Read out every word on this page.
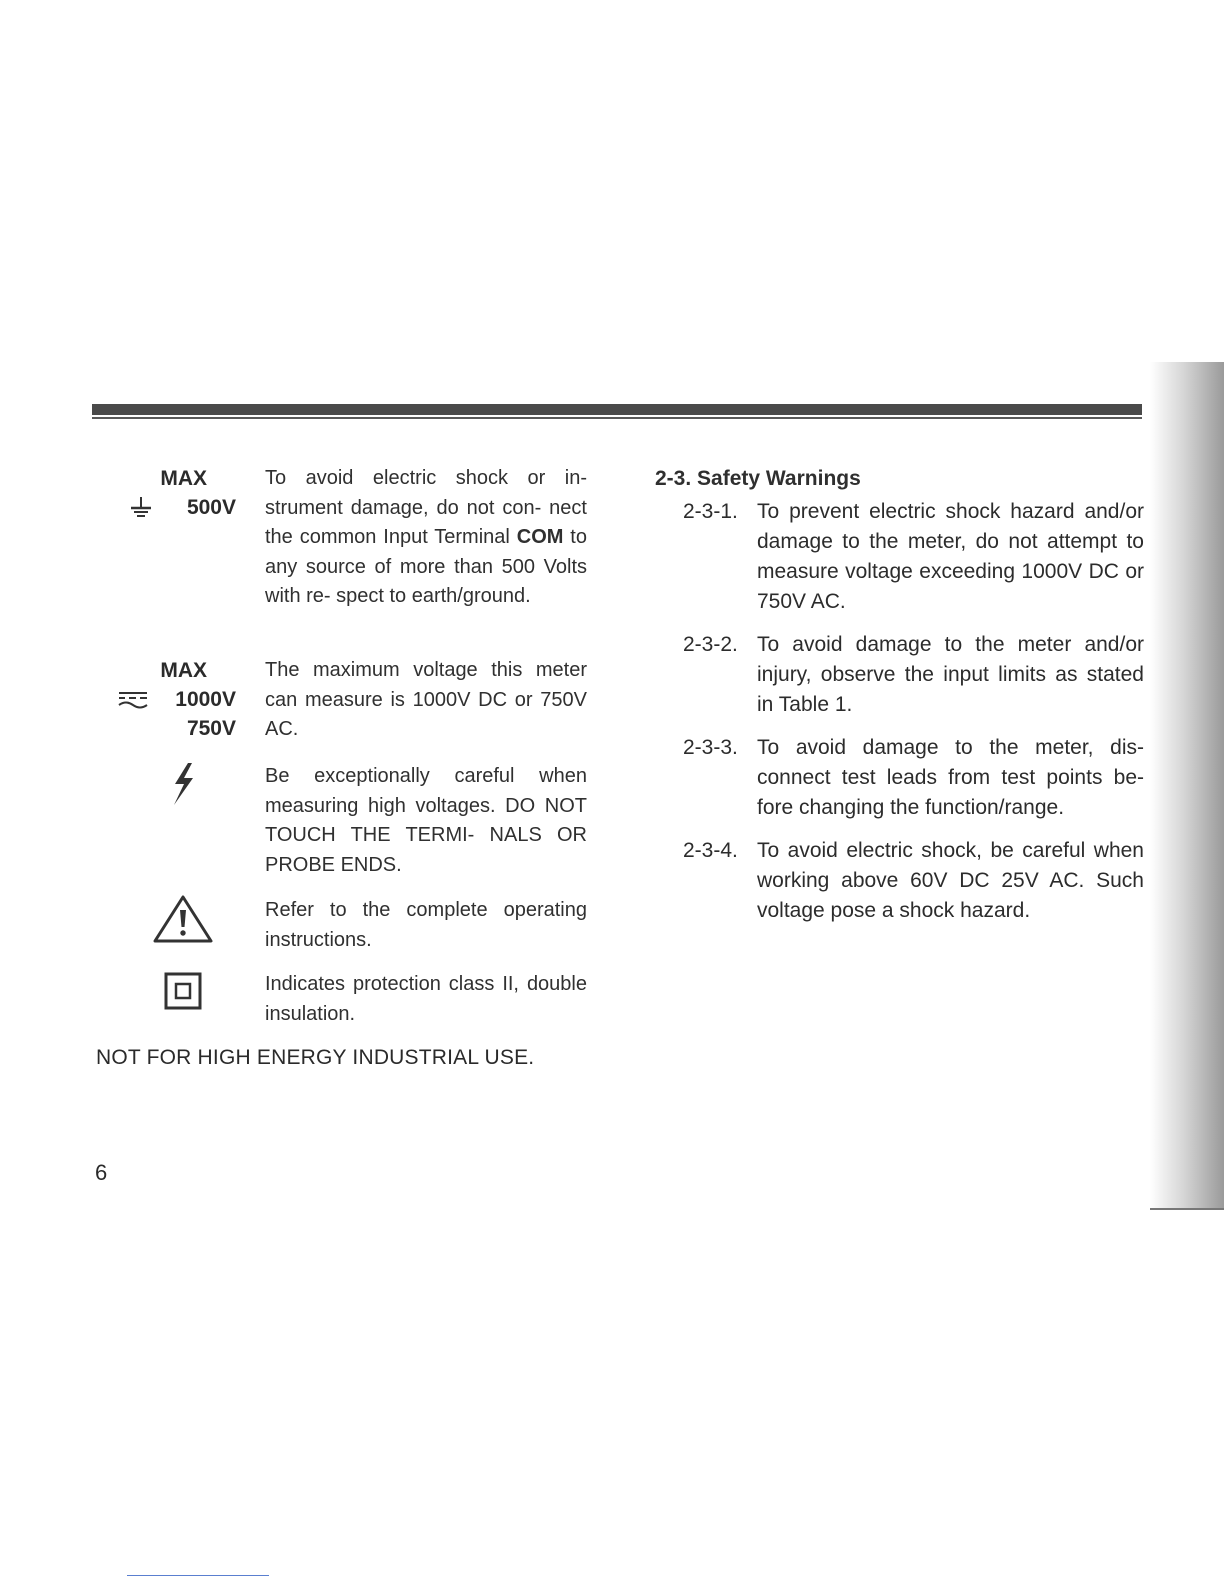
MAX
500V
To avoid electric shock or in- strument damage, do not con- nect the common Input Terminal COM to any source of more than 500 Volts with re- spect to earth/ground.
MAX
1000V
750V
The maximum voltage this meter can measure is 1000V DC or 750V AC.
Be exceptionally careful when measuring high voltages. DO NOT TOUCH THE TERMI- NALS OR PROBE ENDS.
Refer to the complete operating instructions.
Indicates protection class II, double insulation.
NOT FOR HIGH ENERGY INDUSTRIAL USE.
6
2-3. Safety Warnings
2-3-1. To prevent electric shock hazard and/or damage to the meter, do not attempt to measure voltage exceeding 1000V DC or 750V AC.
2-3-2. To avoid damage to the meter and/or injury, observe the input limits as stated in Table 1.
2-3-3. To avoid damage to the meter, dis- connect test leads from test points be- fore changing the function/range.
2-3-4. To avoid electric shock, be careful when working above 60V DC 25V AC. Such voltage pose a shock hazard.
